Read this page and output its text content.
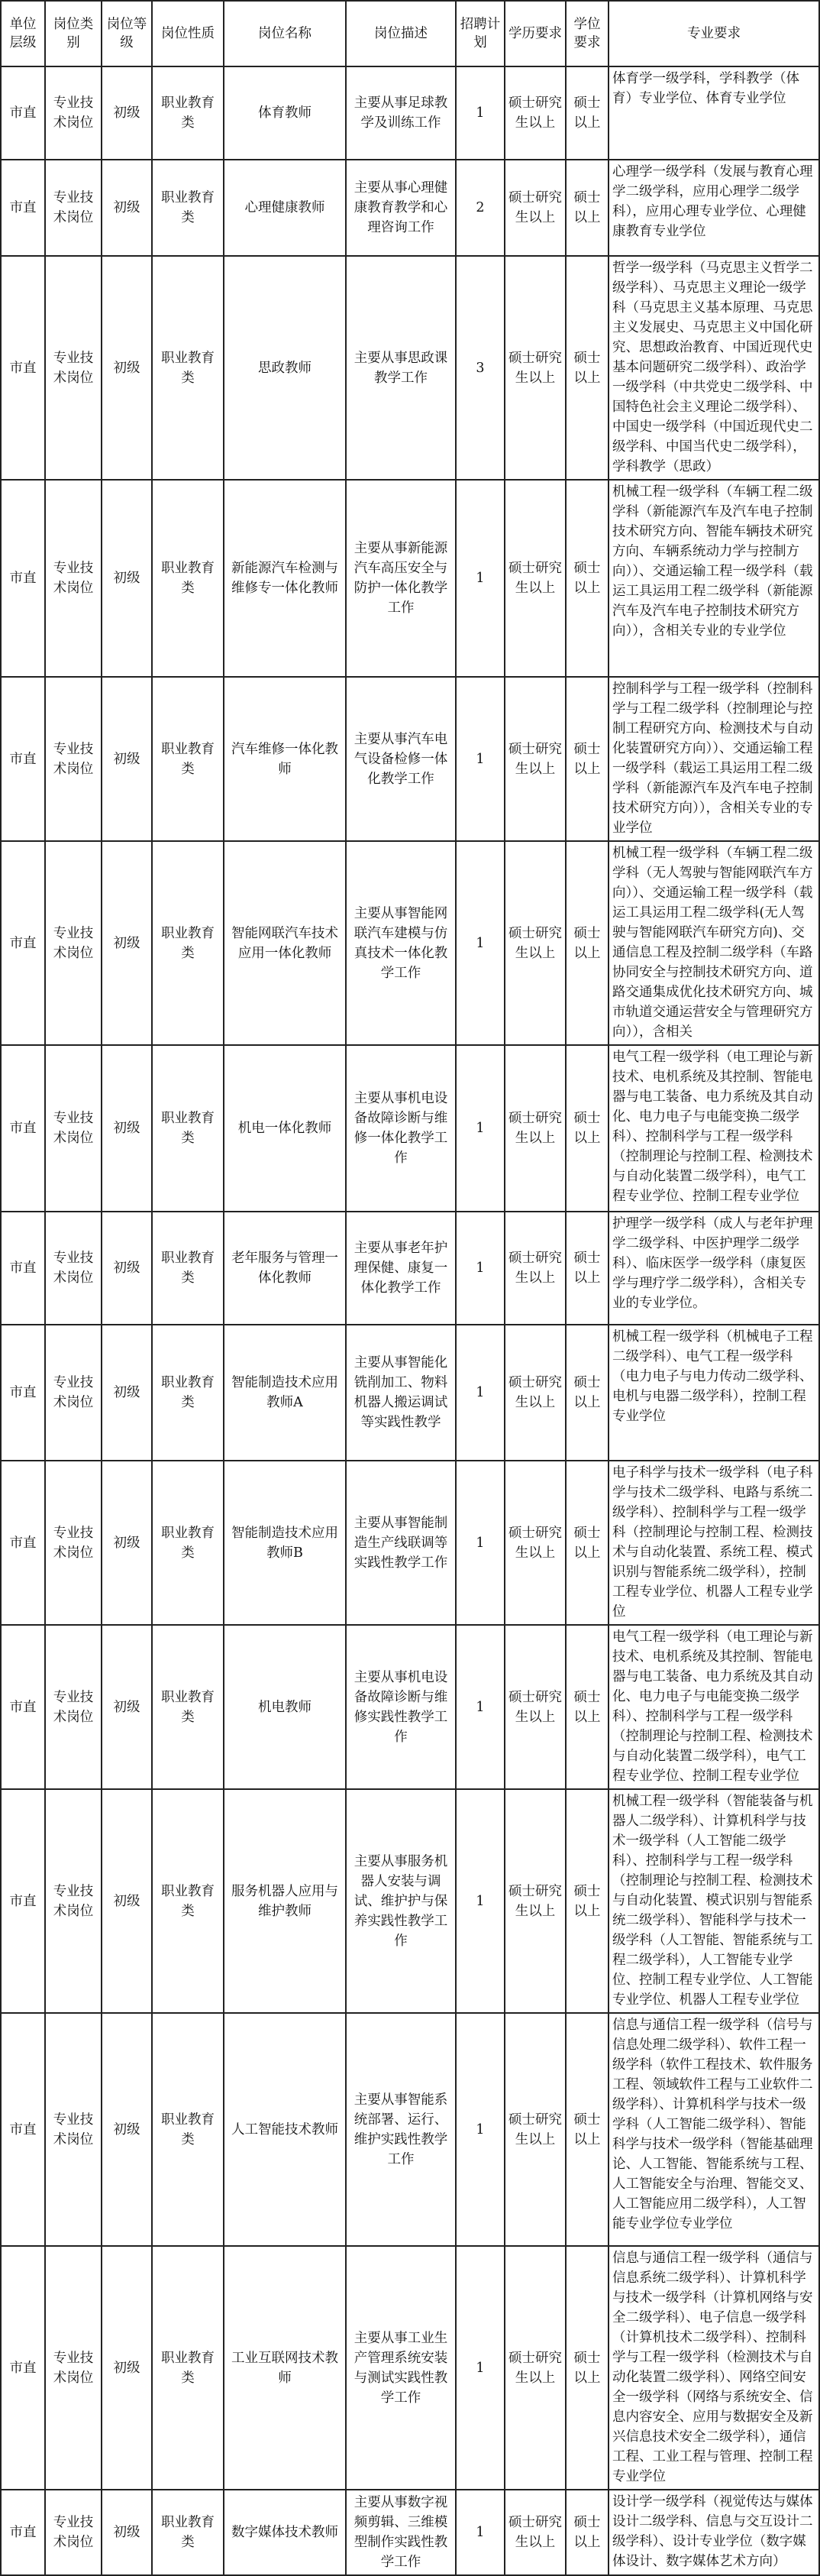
单位层级	岗位类别	岗位等级	岗位性质	岗位名称	岗位描述	招聘计划	学历要求	学位要求	专业要求
市直	专业技术岗位	初级	职业教育类	体育教师	主要从事足球教学及训练工作	1	硕士研究生以上	硕士以上	体育学一级学科，学科教学（体育）专业学位、体育专业学位
市直	专业技术岗位	初级	职业教育类	心理健康教师	主要从事心理健康教育教学和心理咨询工作	2	硕士研究生以上	硕士以上	心理学一级学科（发展与教育心理学二级学科，应用心理学二级学科），应用心理专业学位、心理健康教育专业学位
市直	专业技术岗位	初级	职业教育类	思政教师	主要从事思政课教学工作	3	硕士研究生以上	硕士以上	哲学一级学科（马克思主义哲学二级学科）、马克思主义理论一级学科（马克思主义基本原理、马克思主义发展史、马克思主义中国化研究、思想政治教育、中国近现代史基本问题研究二级学科）、政治学一级学科（中共党史二级学科、中国特色社会主义理论二级学科）、中国史一级学科（中国近现代史二级学科、中国当代史二级学科），学科教学（思政）
市直	专业技术岗位	初级	职业教育类	新能源汽车检测与维修专一体化教师	主要从事新能源汽车高压安全与防护一体化教学工作	1	硕士研究生以上	硕士以上	机械工程一级学科（车辆工程二级学科（新能源汽车及汽车电子控制技术研究方向、智能车辆技术研究方向、车辆系统动力学与控制方向））、交通运输工程一级学科（载运工具运用工程二级学科（新能源汽车及汽车电子控制技术研究方向）），含相关专业的专业学位
市直	专业技术岗位	初级	职业教育类	汽车维修一体化教师	主要从事汽车电气设备检修一体化教学工作	1	硕士研究生以上	硕士以上	控制科学与工程一级学科（控制科学与工程二级学科（控制理论与控制工程研究方向、检测技术与自动化装置研究方向））、交通运输工程一级学科（载运工具运用工程二级学科（新能源汽车及汽车电子控制技术研究方向）），含相关专业的专业学位
市直	专业技术岗位	初级	职业教育类	智能网联汽车技术应用一体化教师	主要从事智能网联汽车建模与仿真技术一体化教学工作	1	硕士研究生以上	硕士以上	机械工程一级学科（车辆工程二级学科（无人驾驶与智能网联汽车方向））、交通运输工程一级学科（载运工具运用工程二级学科(无人驾驶与智能网联汽车研究方向)、交通信息工程及控制二级学科（车路协同安全与控制技术研究方向、道路交通集成优化技术研究方向、城市轨道交通运营安全与管理研究方向）），含相关
市直	专业技术岗位	初级	职业教育类	机电一体化教师	主要从事机电设备故障诊断与维修一体化教学工作	1	硕士研究生以上	硕士以上	电气工程一级学科（电工理论与新技术、电机系统及其控制、智能电器与电工装备、电力系统及其自动化、电力电子与电能变换二级学科）、控制科学与工程一级学科（控制理论与控制工程、检测技术与自动化装置二级学科），电气工程专业学位、控制工程专业学位
市直	专业技术岗位	初级	职业教育类	老年服务与管理一体化教师	主要从事老年护理保健、康复一体化教学工作	1	硕士研究生以上	硕士以上	护理学一级学科（成人与老年护理学二级学科、中医护理学二级学科）、临床医学一级学科（康复医学与理疗学二级学科），含相关专业的专业学位。
市直	专业技术岗位	初级	职业教育类	智能制造技术应用教师A	主要从事智能化铣削加工、物料机器人搬运调试等实践性教学	1	硕士研究生以上	硕士以上	机械工程一级学科（机械电子工程二级学科）、电气工程一级学科（电力电子与电力传动二级学科、电机与电器二级学科），控制工程专业学位
市直	专业技术岗位	初级	职业教育类	智能制造技术应用教师B	主要从事智能制造生产线联调等实践性教学工作	1	硕士研究生以上	硕士以上	电子科学与技术一级学科（电子科学与技术二级学科、电路与系统二级学科）、控制科学与工程一级学科（控制理论与控制工程、检测技术与自动化装置、系统工程、模式识别与智能系统二级学科），控制工程专业学位、机器人工程专业学位
市直	专业技术岗位	初级	职业教育类	机电教师	主要从事机电设备故障诊断与维修实践性教学工作	1	硕士研究生以上	硕士以上	电气工程一级学科（电工理论与新技术、电机系统及其控制、智能电器与电工装备、电力系统及其自动化、电力电子与电能变换二级学科）、控制科学与工程一级学科（控制理论与控制工程、检测技术与自动化装置二级学科），电气工程专业学位、控制工程专业学位
市直	专业技术岗位	初级	职业教育类	服务机器人应用与维护教师	主要从事服务机器人安装与调试、维护护与保养实践性教学工作	1	硕士研究生以上	硕士以上	机械工程一级学科（智能装备与机器人二级学科）、计算机科学与技术一级学科（人工智能二级学科）、控制科学与工程一级学科（控制理论与控制工程、检测技术与自动化装置、模式识别与智能系统二级学科）、智能科学与技术一级学科（人工智能、智能系统与工程二级学科），人工智能专业学位、控制工程专业学位、人工智能专业学位、机器人工程专业学位
市直	专业技术岗位	初级	职业教育类	人工智能技术教师	主要从事智能系统部署、运行、维护实践性教学工作	1	硕士研究生以上	硕士以上	信息与通信工程一级学科（信号与信息处理二级学科）、软件工程一级学科（软件工程技术、软件服务工程、领域软件工程与工业软件二级学科）、计算机科学与技术一级学科（人工智能二级学科）、智能科学与技术一级学科（智能基础理论、人工智能、智能系统与工程、人工智能安全与治理、智能交叉、人工智能应用二级学科），人工智能专业学位专业学位
市直	专业技术岗位	初级	职业教育类	工业互联网技术教师	主要从事工业生产管理系统安装与测试实践性教学工作	1	硕士研究生以上	硕士以上	信息与通信工程一级学科（通信与信息系统二级学科）、计算机科学与技术一级学科（计算机网络与安全二级学科）、电子信息一级学科（计算机技术二级学科）、控制科学与工程一级学科（检测技术与自动化装置二级学科）、网络空间安全一级学科（网络与系统安全、信息内容安全、应用与数据安全及新兴信息技术安全二级学科），通信工程、工业工程与管理、控制工程专业学位
市直	专业技术岗位	初级	职业教育类	数字媒体技术教师	主要从事数字视频剪辑、三维模型制作实践性教学工作	1	硕士研究生以上	硕士以上	设计学一级学科（视觉传达与媒体设计二级学科、信息与交互设计二级学科）、设计专业学位（数字媒体设计、数字媒体艺术方向）
